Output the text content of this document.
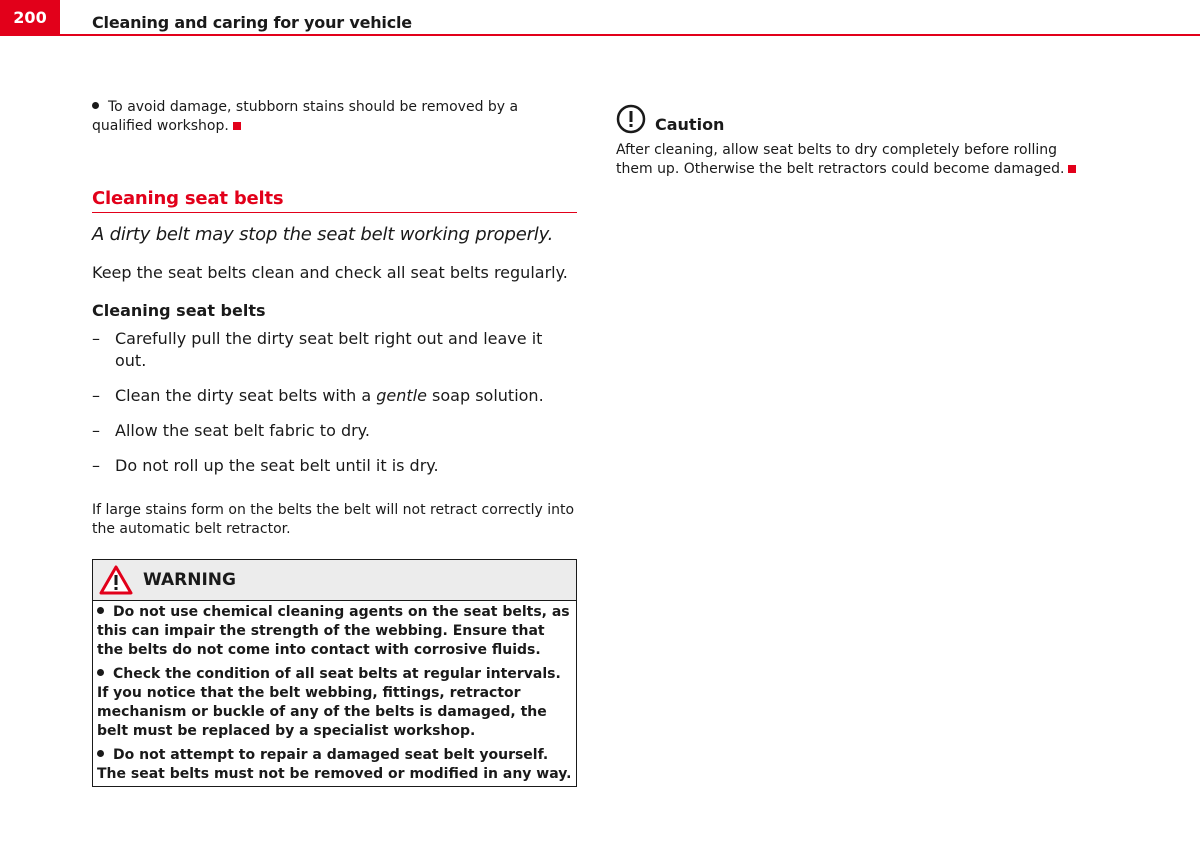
200	Cleaning and caring for your vehicle

To avoid damage, stubborn stains should be removed by a qualified workshop.

Cleaning seat belts

A dirty belt may stop the seat belt working properly.

Keep the seat belts clean and check all seat belts regularly.

Cleaning seat belts
– Carefully pull the dirty seat belt right out and leave it out.
– Clean the dirty seat belts with a gentle soap solution.
– Allow the seat belt fabric to dry.
– Do not roll up the seat belt until it is dry.

If large stains form on the belts the belt will not retract correctly into the automatic belt retractor.

WARNING

Do not use chemical cleaning agents on the seat belts, as this can impair the strength of the webbing. Ensure that the belts do not come into contact with corrosive fluids.

Check the condition of all seat belts at regular intervals. If you notice that the belt webbing, fittings, retractor mechanism or buckle of any of the belts is damaged, the belt must be replaced by a specialist workshop.

Do not attempt to repair a damaged seat belt yourself. The seat belts must not be removed or modified in any way.

Caution

After cleaning, allow seat belts to dry completely before rolling them up. Otherwise the belt retractors could become damaged.
